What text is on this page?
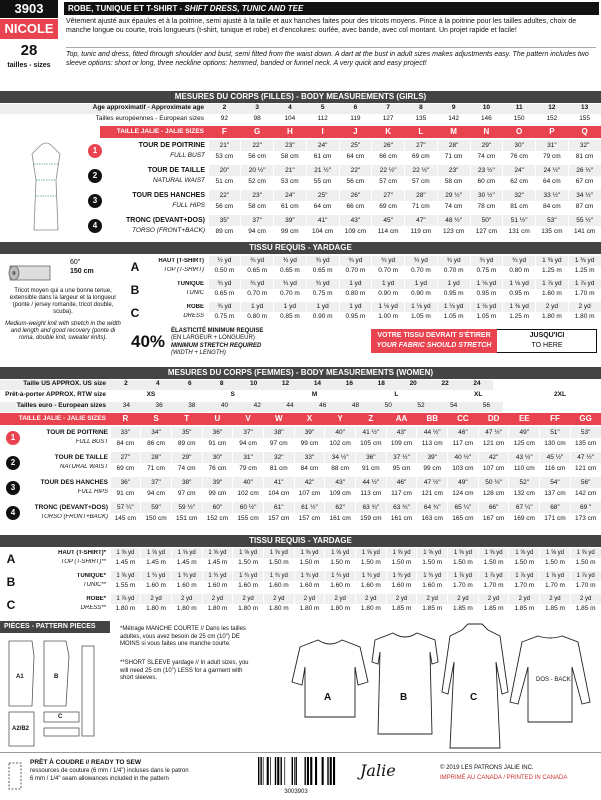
3903
NICOLE
28
tailles - sizes
ROBE, TUNIQUE ET T-SHIRT - SHIFT DRESS, TUNIC AND TEE
Vêtement ajusté aux épaules et à la poitrine, semi ajusté à la taille et aux hanches faites pour des tricots moyens. Pince à la poitrine pour les tailles adultes, choix de manche longue ou courte, trois longueurs (t-shirt, tunique et robe) et d'encolures: ourlée, avec bande, avec col montant. Un projet rapide et facile!
Top, tunic and dress, fitted through shoulder and bust, semi fitted from the waist down. A dart at the bust in adult sizes makes adjustments easy. The pattern includes two sleeve options: short or long, three neckline options: hemmed, banded or funnel neck. A very quick and easy project!
MESURES DU CORPS (FILLES) - BODY MEASUREMENTS (GIRLS)
Âge approximatif - Approximate age	2	3	4	5	6	7	8	9	10	11	12	13
Tailles européennes - European sizes	92	98	104	112	119	127	135	142	146	150	152	155
TAILLE JALIE - JALIE SIZES	F	G	H	I	J	K	L	M	N	O	P	Q
1
TOUR DE POITRINE
FULL BUST
21"	22"	23"	24"	25"	26"	27"	28"	29"	30"	31"	32"
53 cm	56 cm	58 cm	61 cm	64 cm	66 cm	69 cm	71 cm	74 cm	76 cm	79 cm	81 cm
2
TOUR DE TAILLE
NATURAL WAIST
20"	20 ½"	21"	21 ½"	22"	22 ½"	22 ½"	23"	23 ½"	24"	24 ½"	26 ½"
51 cm	52 cm	53 cm	55 cm	56 cm	57 cm	57 cm	58 cm	60 cm	62 cm	64 cm	67 cm
3
TOUR DES HANCHES
FULL HIPS
22"	23"	24"	25"	26"	27"	28"	29 ½"	30 ½"	32"	33 ½"	34 ½"
56 cm	58 cm	61 cm	64 cm	66 cm	69 cm	71 cm	74 cm	78 cm	81 cm	84 cm	87 cm
4
TRONC (DEVANT+DOS)
TORSO (FRONT+BACK)
35"	37"	39"	41"	43"	45"	47"	48 ½"	50"	51 ½"	53"	55 ½"
89 cm	94 cm	99 cm	104 cm	109 cm	114 cm	119 cm	123 cm	127 cm	131 cm	135 cm	141 cm
TISSU REQUIS - YARDAGE
60"
150 cm
Tricot moyen qui a une bonne tenue, extensible dans la largeur et la longueur (ponte / jersey romanite, tricot double, scuba).
Medium-weight knit with stretch in the width and length and good recovery (ponte di roma, double knit, sweater knits).
A	HAUT (T-SHIRT)
TOP (T-SHIRT)
½ yd	¾ yd	¾ yd	¾ yd	¾ yd	¾ yd	¾ yd	¾ yd	¾ yd	¾ yd	1 ⅜ yd	1 ⅜ yd
0.50 m	0.65 m	0.65 m	0.65 m	0.70 m	0.70 m	0.70 m	0.70 m	0.75 m	0.80 m	1.25 m	1.25 m
B	TUNIQUE
TUNIC
¾ yd	¾ yd	¾ yd	¾ yd	1 yd	1 yd	1 yd	1 yd	1 ⅛ yd	1 ⅛ yd	1 ⅞ yd	1 ⅞ yd
0.65 m	0.70 m	0.70 m	0.75 m	0.80 m	0.90 m	0.90 m	0.95 m	0.95 m	0.95 m	1.60 m	1.70 m
C	ROBE
DRESS
¾ yd	1 yd	1 yd	1 yd	1 yd	1 ⅛ yd	1 ⅛ yd	1 ⅛ yd	1 ⅛ yd	1 ⅜ yd	2 yd	2 yd
0.75 m	0.80 m	0.85 m	0.90 m	0.95 m	1.00 m	1.05 m	1.05 m	1.05 m	1.25 m	1.80 m	1.80 m
40%
ÉLASTICITÉ MINIMUM REQUISE
(EN LARGEUR + LONGUEUR)
MINIMUM STRETCH REQUIRED
(WIDTH + LENGTH)
VOTRE TISSU DEVRAIT S'ÉTIRER
YOUR FABRIC SHOULD STRETCH
JUSQU'ICI
TO HERE
MESURES DU CORPS (FEMMES) - BODY MEASUREMENTS (WOMEN)
Taille US APPROX. US size	2	4	6	8	10	12	14	16	18	20	22	24
Prêt-à-porter APPROX. RTW size	XS	S	M	L	XL	2XL
Tailles euro - European sizes	34	36	38	40	42	44	46	48	50	52	54	56
TAILLE JALIE - JALIE SIZES	R	S	T	U	V	W	X	Y	Z	AA	BB	CC	DD	EE	FF	GG
1
TOUR DE POITRINE
FULL BUST
33"	34"	35"	36"	37"	38"	39"	40"	41 ½"	43"	44 ½"	46"	47 ½"	49"	51"	53"
84 cm	86 cm	89 cm	91 cm	94 cm	97 cm	99 cm	102 cm	105 cm	109 cm	113 cm	117 cm	121 cm	125 cm	130 cm	135 cm
2
TOUR DE TAILLE
NATURAL WAIST
27"	28"	29"	30"	31"	32"	33"	34 ½"	36"	37 ½"	39"	40 ½"	42"	43 ½"	45 ½"	47 ½"
69 cm	71 cm	74 cm	76 cm	79 cm	81 cm	84 cm	88 cm	91 cm	95 cm	99 cm	103 cm	107 cm	110 cm	116 cm	121 cm
3
TOUR DES HANCHES
FULL HIPS
36"	37"	38"	39"	40"	41"	42"	43"	44 ½"	46"	47 ½"	49"	50 ½"	52"	54"	56"
91 cm	94 cm	97 cm	99 cm	102 cm	104 cm	107 cm	109 cm	113 cm	117 cm	121 cm	124 cm	128 cm	132 cm	137 cm	142 cm
4
TRONC (DEVANT+DOS)
TORSO (FRONT+BACK)
57 ¼"	59"	59 ½"	60"	60 ½"	61"	61 ½"	62"	63 ¾"	63 ¾"	64 ¾"	65 ¼"	66"	67 ¼"	68"	69 "
145 cm	150 cm	151 cm	152 cm	155 cm	157 cm	157 cm	161 cm	159 cm	161 cm	163 cm	165 cm	167 cm	169 cm	171 cm	173 cm
TISSU REQUIS - YARDAGE
A	HAUT (T-SHIRT)*
TOP (T-SHIRT)**
1 ⅝ yd	1 ⅝ yd	1 ⅝ yd	1 ⅝ yd	1 ⅝ yd	1 ⅝ yd	1 ⅝ yd	1 ⅝ yd	1 ⅝ yd	1 ⅝ yd	1 ⅝ yd	1 ⅝ yd	1 ⅝ yd	1 ⅝ yd	1 ⅝ yd	1 ⅝ yd
1.45 m	1.45 m	1.45 m	1.45 m	1.50 m	1.50 m	1.50 m	1.50 m	1.50 m	1.50 m	1.50 m	1.50 m	1.50 m	1.50 m	1.50 m	1.50 m
B	TUNIQUE*
TUNIC**
1 ⅝ yd	1 ¾ yd	1 ¾ yd	1 ¾ yd	1 ¾ yd	1 ¾ yd	1 ¾ yd	1 ¾ yd	1 ¾ yd	1 ¾ yd	1 ¾ yd	1 ⅞ yd	1 ⅞ yd	1 ⅞ yd	1 ⅞ yd	1 ⅞ yd
1.55 m	1.60 m	1.60 m	1.60 m	1.60 m	1.60 m	1.60 m	1.60 m	1.60 m	1.60 m	1.60 m	1.70 m	1.70 m	1.70 m	1.70 m	1.70 m
C	ROBE*
DRESS**
1 ⅞ yd	2 yd	2 yd	2 yd	2 yd	2 yd	2 yd	2 yd	2 yd	2 yd	2 yd	2 yd	2 yd	2 yd	2 yd	2 yd
1.80 m	1.80 m	1.80 m	1.80 m	1.80 m	1.80 m	1.80 m	1.80 m	1.80 m	1.85 m	1.85 m	1.85 m	1.85 m	1.85 m	1.85 m	1.85 m
PIÈCES - PATTERN PIECES
A1	B
A2/B2
C
*Métrage MANCHE COURTE // Dans les tailles adultes, vous avez besoin de 25 cm (10") DE MOINS si vous faites une manche courte.
**SHORT SLEEVE yardage // In adult sizes, you will need 25 cm (10") LESS for a garment with short sleeves.
A	B	C
DOS - BACK
PRÊT À COUDRE // READY TO SEW
ressources de couture (6 mm / 1/4") incluses dans le patron
6 mm / 1/4" seam allowances included in the pattern
3003903
Jalie	© 2019 LES PATRONS JALIE INC.
IMPRIMÉ AU CANADA / PRINTED IN CANADA
